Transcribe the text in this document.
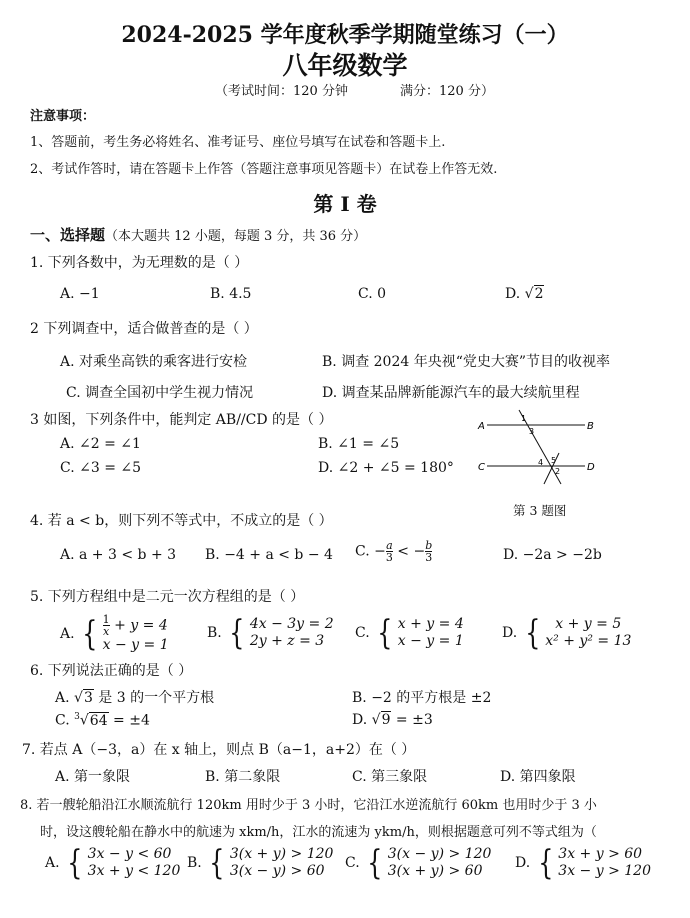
2024-2025 学年度秋季学期随堂练习（一）
八年级数学
（考试时间：120 分钟	满分：120 分）
注意事项：
1、答题前，考生务必将姓名、准考证号、座位号填写在试卷和答题卡上.
2、考试作答时，请在答题卡上作答（答题注意事项见答题卡）在试卷上作答无效.
第 I 卷
一、选择题（本大题共 12 小题，每题 3 分，共 36 分）
1. 下列各数中，为无理数的是（ ）
A. −1	B. 4.5	C. 0	D. √2
2 下列调查中，适合做普查的是（ ）
A. 对乘坐高铁的乘客进行安检	B. 调查 2024 年央视“党史大赛”节目的收视率
C. 调查全国初中学生视力情况	D. 调查某品牌新能源汽车的最大续航里程
3 如图，下列条件中，能判定 AB//CD 的是（ ）
A. ∠2 = ∠1	B. ∠1 = ∠5
C. ∠3 = ∠5	D. ∠2 + ∠5 = 180°
A	B
C	D
1
3
4 5
2
第 3 题图
4. 若 a < b，则下列不等式中，不成立的是（ ）
A. a + 3 < b + 3 B. −4 + a < b − 4 C. − $\frac{a}{3}$ < − $\frac{b}{3}$	D. −2a > −2b
5. 下列方程组中是二元一次方程组的是（ ）
A. { $\frac{1}{x} + y = 4$
x − y = 1
B. { 4x − 3y = 2
2y + z = 3	C. { x + y = 4
x − y = 1	D. {	x + y = 5
x² + y² = 13
6. 下列说法正确的是（ ）
A. √3 是 3 的一个平方根	B. −2 的平方根是 ±2
C. $^3$√64 = ±4	D. √9 = ±3
7. 若点 A（−3，a）在 x 轴上，则点 B（a−1，a+2）在（ ）
A. 第一象限	B. 第二象限	C. 第三象限	D. 第四象限
8. 若一艘轮船沿江水顺流航行 120km 用时少于 3 小时，它沿江水逆流航行 60km 也用时少于 3 小
时，设这艘轮船在静水中的航速为 xkm/h，江水的流速为 ykm/h，则根据题意可列不等式组为（
A. { 3x − y < 60
3x + y < 120 B. { 3(x + y) > 120
3(x − y) > 60	C. { 3(x − y) > 120
3(x + y) > 60	D. { 3x + y > 60
3x − y > 120
